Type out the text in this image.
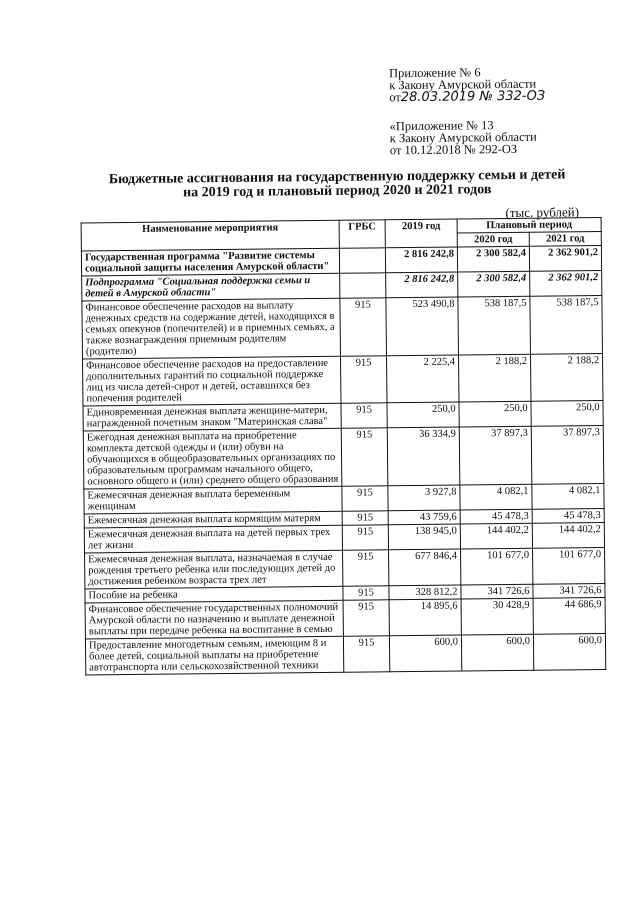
Приложение № 6
к Закону Амурской области
от28.03.2019 № 332-ОЗ
«Приложение № 13
к Закону Амурской области
от 10.12.2018 № 292-ОЗ
Бюджетные ассигнования на государственную поддержку семьи и детей
на 2019 год и плановый период 2020 и 2021 годов
(тыс. рублей)
Наименование мероприятия	ГРБС	2019 год	Плановый период	
			2020 год	2021 год
Государственная программа "Развитие системы социальной защиты населения Амурской области"		2 816 242,8	2 300 582,4	2 362 901,2
Подпрограмма "Социальная поддержка семьи и детей в Амурской области"		2 816 242,8	2 300 582,4	2 362 901,2
Финансовое обеспечение расходов на выплату денежных средств на содержание детей, находящихся в семьях опекунов (попечителей) и в приемных семьях, а также вознаграждения приемным родителям (родителю)	915	523 490,8	538 187,5	538 187,5
Финансовое обеспечение расходов на предоставление дополнительных гарантий по социальной поддержке лиц из числа детей-сирот и детей, оставшихся без попечения родителей	915	2 225,4	2 188,2	2 188,2
Единовременная денежная выплата женщине-матери, награжденной почетным знаком "Материнская слава"	915	250,0	250,0	250,0
Ежегодная денежная выплата на приобретение комплекта детской одежды и (или) обуви на обучающихся в общеобразовательных организациях по образовательным программам начального общего, основного общего и (или) среднего общего образования	915	36 334,9	37 897,3	37 897,3
Ежемесячная денежная выплата беременным женщинам	915	3 927,8	4 082,1	4 082,1
Ежемесячная денежная выплата кормящим матерям	915	43 759,6	45 478,3	45 478,3
Ежемесячная денежная выплата на детей первых трех лет жизни	915	138 945,0	144 402,2	144 402,2
Ежемесячная денежная выплата, назначаемая в случае рождения третьего ребенка или последующих детей до достижения ребенком возраста трех лет	915	677 846,4	101 677,0	101 677,0
Пособие на ребенка	915	328 812,2	341 726,6	341 726,6
Финансовое обеспечение государственных полномочий Амурской области по назначению и выплате денежной выплаты при передаче ребенка на воспитание в семью	915	14 895,6	30 428,9	44 686,9
Предоставление многодетным семьям, имеющим 8 и более детей, социальной выплаты на приобретение автотранспорта или сельскохозяйственной техники	915	600,0	600,0	600,0
